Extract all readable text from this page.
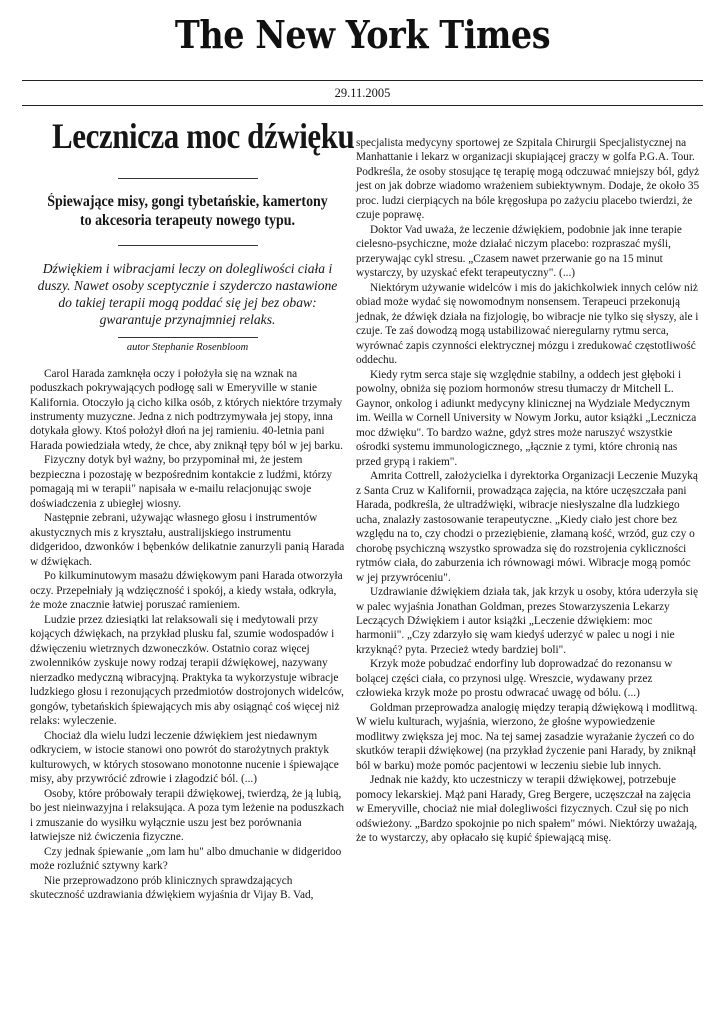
The New York Times
29.11.2005
Lecznicza moc dźwięku

Śpiewające misy, gongi tybetańskie, kamertony to akcesoria terapeuty nowego typu.

Dźwiękiem i wibracjami leczy on dolegliwości ciała i duszy. Nawet osoby sceptycznie i szyderczo nastawione do takiej terapii mogą poddać się jej bez obaw: gwarantuje przynajmniej relaks.

autor Stephanie Rosenbloom

Carol Harada zamknęła oczy i położyła się na wznak na poduszkach pokrywających podłogę sali w Emeryville w stanie Kalifornia. Otoczyło ją cicho kilka osób, z których niektóre trzymały instrumenty muzyczne. Jedna z nich podtrzymywała jej stopy, inna dotykała głowy. Ktoś położył dłoń na jej ramieniu. 40-letnia pani Harada powiedziała wtedy, że chce, aby zniknął tępy ból w jej barku.

Fizyczny dotyk był ważny, bo przypominał mi, że jestem bezpieczna i pozostaję w bezpośrednim kontakcie z ludźmi, którzy pomagają mi w terapii" napisała w e-mailu relacjonując swoje doświadczenia z ubiegłej wiosny.

Następnie zebrani, używając własnego głosu i instrumentów akustycznych mis z kryształu, australijskiego instrumentu didgeridoo, dzwonków i bębenków delikatnie zanurzyli panią Harada w dźwiękach.

Po kilkuminutowym masażu dźwiękowym pani Harada otworzyła oczy. Przepełniały ją wdzięczność i spokój, a kiedy wstała, odkryła, że może znacznie łatwiej poruszać ramieniem.

Ludzie przez dziesiątki lat relaksowali się i medytowali przy kojących dźwiękach, na przykład plusku fal, szumie wodospadów i dźwięczeniu wietrznych dzwoneczków. Ostatnio coraz więcej zwolenników zyskuje nowy rodzaj terapii dźwiękowej, nazywany nierzadko medyczną wibracyjną. Praktyka ta wykorzystuje wibracje ludzkiego głosu i rezonujących przedmiotów dostrojonych widelców, gongów, tybetańskich śpiewających mis aby osiągnąć coś więcej niż relaks: wyleczenie.

Chociaż dla wielu ludzi leczenie dźwiękiem jest niedawnym odkryciem, w istocie stanowi ono powrót do starożytnych praktyk kulturowych, w których stosowano monotonne nucenie i śpiewające misy, aby przywrócić zdrowie i złagodzić ból. (...)

Osoby, które próbowały terapii dźwiękowej, twierdzą, że ją lubią, bo jest nieinwazyjna i relaksująca. A poza tym leżenie na poduszkach i zmuszanie do wysiłku wyłącznie uszu jest bez porównania łatwiejsze niż ćwiczenia fizyczne.

Czy jednak śpiewanie „om lam hu" albo dmuchanie w didgeridoo może rozluźnić sztywny kark?

Nie przeprowadzono prób klinicznych sprawdzających skuteczność uzdrawiania dźwiękiem wyjaśnia dr Vijay B. Vad,

specjalista medycyny sportowej ze Szpitala Chirurgii Specjalistycznej na Manhattanie i lekarz w organizacji skupiającej graczy w golfa P.G.A. Tour. Podkreśla, że osoby stosujące tę terapię mogą odczuwać mniejszy ból, gdyż jest on jak dobrze wiadomo wrażeniem subiektywnym. Dodaje, że około 35 proc. ludzi cierpiących na bóle kręgosłupa po zażyciu placebo twierdzi, że czuje poprawę.

Doktor Vad uważa, że leczenie dźwiękiem, podobnie jak inne terapie cielesno-psychiczne, może działać niczym placebo: rozpraszać myśli, przerywając cykl stresu. „Czasem nawet przerwanie go na 15 minut wystarczy, by uzyskać efekt terapeutyczny". (...)

Niektórym używanie widelców i mis do jakichkolwiek innych celów niż obiad może wydać się nowomodnym nonsensem. Terapeuci przekonują jednak, że dźwięk działa na fizjologię, bo wibracje nie tylko się słyszy, ale i czuje. Te zaś dowodzą mogą ustabilizować nieregularny rytmu serca, wyrównać zapis czynności elektrycznej mózgu i zredukować częstotliwość oddechu.

Kiedy rytm serca staje się względnie stabilny, a oddech jest głęboki i powolny, obniża się poziom hormonów stresu tłumaczy dr Mitchell L. Gaynor, onkolog i adiunkt medycyny klinicznej na Wydziale Medycznym im. Weilla w Cornell University w Nowym Jorku, autor książki „Lecznicza moc dźwięku". To bardzo ważne, gdyż stres może naruszyć wszystkie ośrodki systemu immunologicznego, „łącznie z tymi, które chronią nas przed grypą i rakiem".

Amrita Cottrell, założycielka i dyrektorka Organizacji Leczenie Muzyką z Santa Cruz w Kalifornii, prowadząca zajęcia, na które uczęszczała pani Harada, podkreśla, że ultradźwięki, wibracje niesłyszalne dla ludzkiego ucha, znalazły zastosowanie terapeutyczne. „Kiedy ciało jest chore bez względu na to, czy chodzi o przeziębienie, złamaną kość, wrzód, guz czy o chorobę psychiczną wszystko sprowadza się do rozstrojenia cykliczności rytmów ciała, do zaburzenia ich równowagi mówi. Wibracje mogą pomóc w jej przywróceniu".

Uzdrawianie dźwiękiem działa tak, jak krzyk u osoby, która uderzyła się w palec wyjaśnia Jonathan Goldman, prezes Stowarzyszenia Lekarzy Leczących Dźwiękiem i autor książki „Leczenie dźwiękiem: moc harmonii". „Czy zdarzyło się wam kiedyś uderzyć w palec u nogi i nie krzyknąć? pyta. Przecież wtedy bardziej boli".

Krzyk może pobudzać endorfiny lub doprowadzać do rezonansu w bolącej części ciała, co przynosi ulgę. Wreszcie, wydawany przez człowieka krzyk może po prostu odwracać uwagę od bólu. (...)

Goldman przeprowadza analogię między terapią dźwiękową i modlitwą. W wielu kulturach, wyjaśnia, wierzono, że głośne wypowiedzenie modlitwy zwiększa jej moc. Na tej samej zasadzie wyrażanie życzeń co do skutków terapii dźwiękowej (na przykład życzenie pani Harady, by zniknął ból w barku) może pomóc pacjentowi w leczeniu siebie lub innych.

Jednak nie każdy, kto uczestniczy w terapii dźwiękowej, potrzebuje pomocy lekarskiej. Mąż pani Harady, Greg Bergere, uczęszczał na zajęcia w Emeryville, chociaż nie miał dolegliwości fizycznych. Czuł się po nich odświeżony. „Bardzo spokojnie po nich spałem" mówi. Niektórzy uważają, że to wystarczy, aby opłacało się kupić śpiewającą misę.
